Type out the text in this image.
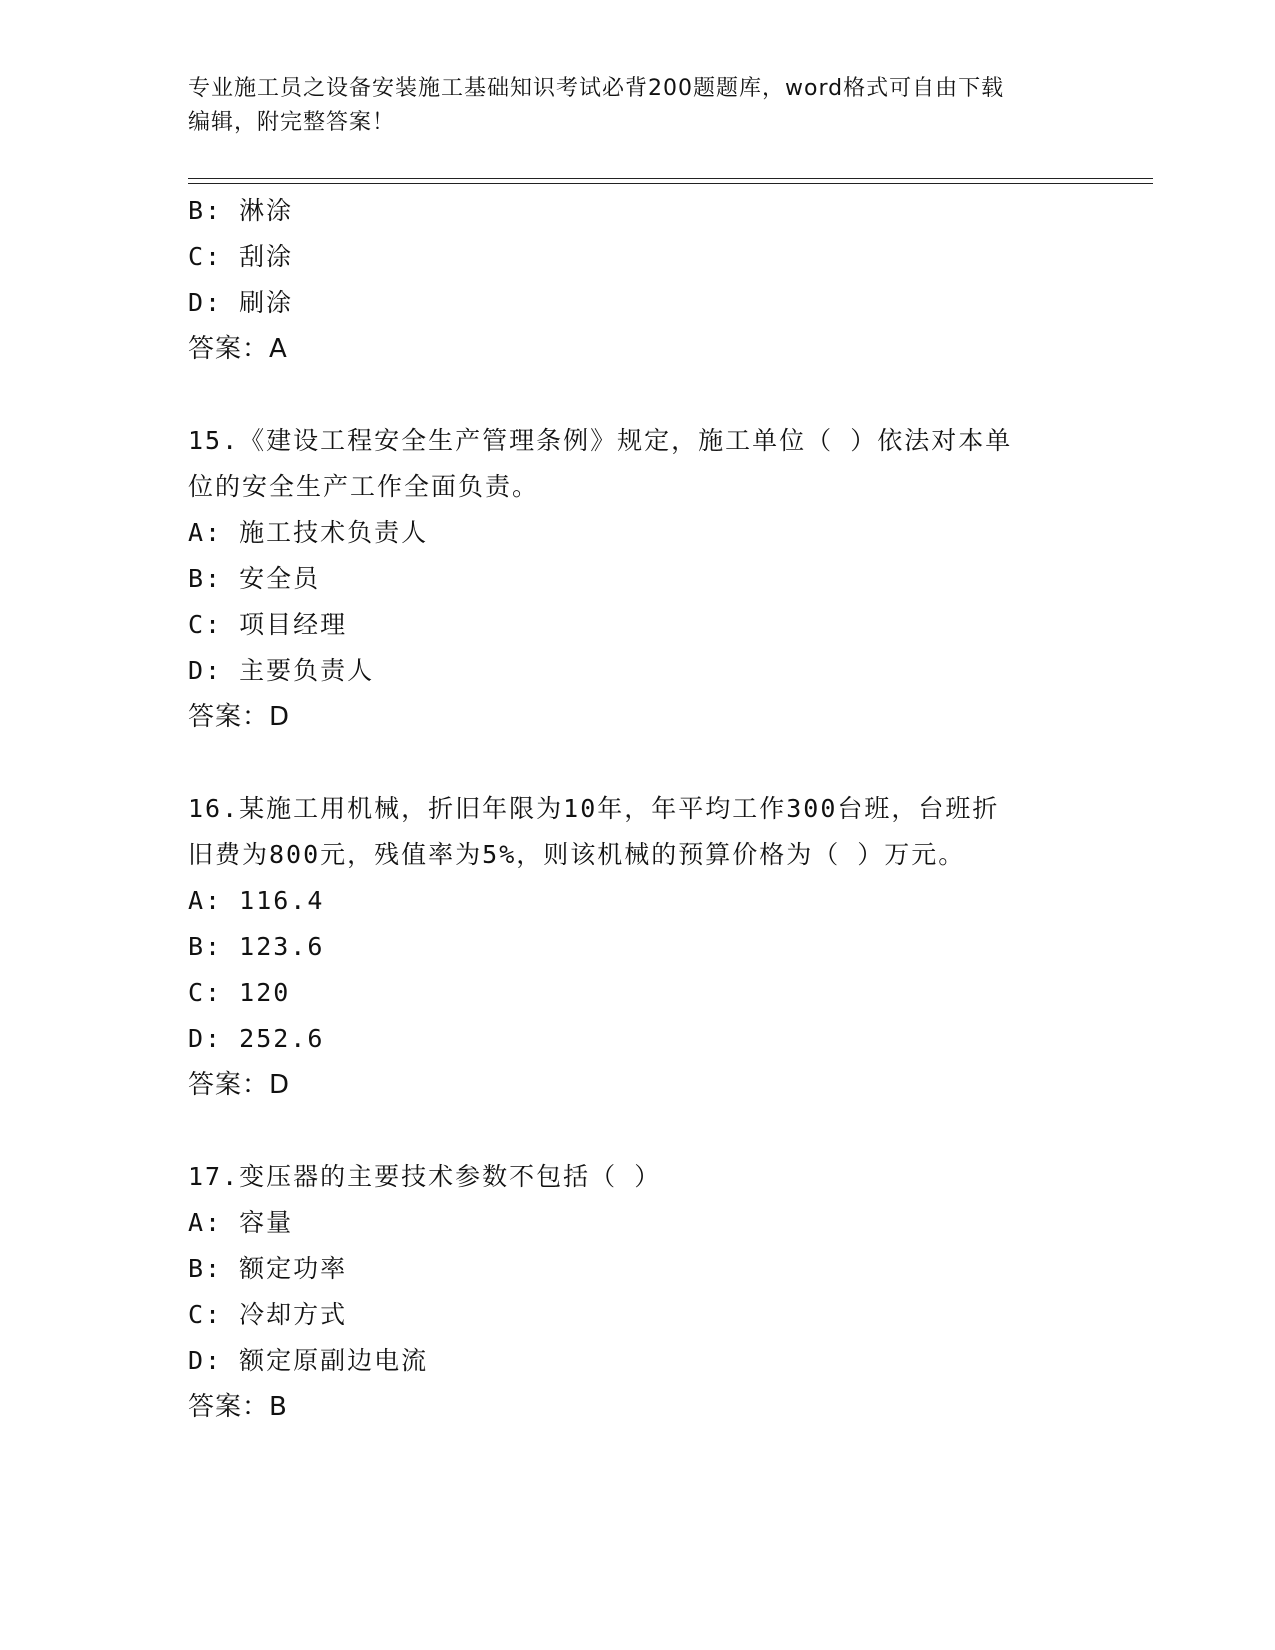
专业施工员之设备安装施工基础知识考试必背200题题库，word格式可自由下载
编辑，附完整答案！
B: 淋涂
C: 刮涂
D: 刷涂
答案：A
15.《建设工程安全生产管理条例》规定，施工单位（ ）依法对本单
位的安全生产工作全面负责。
A: 施工技术负责人
B: 安全员
C: 项目经理
D: 主要负责人
答案：D
16.某施工用机械，折旧年限为10年，年平均工作300台班，台班折
旧费为800元，残值率为5%，则该机械的预算价格为（ ）万元。
A: 116.4
B: 123.6
C: 120
D: 252.6
答案：D
17.变压器的主要技术参数不包括（ ）
A: 容量
B: 额定功率
C: 冷却方式
D: 额定原副边电流
答案：B
